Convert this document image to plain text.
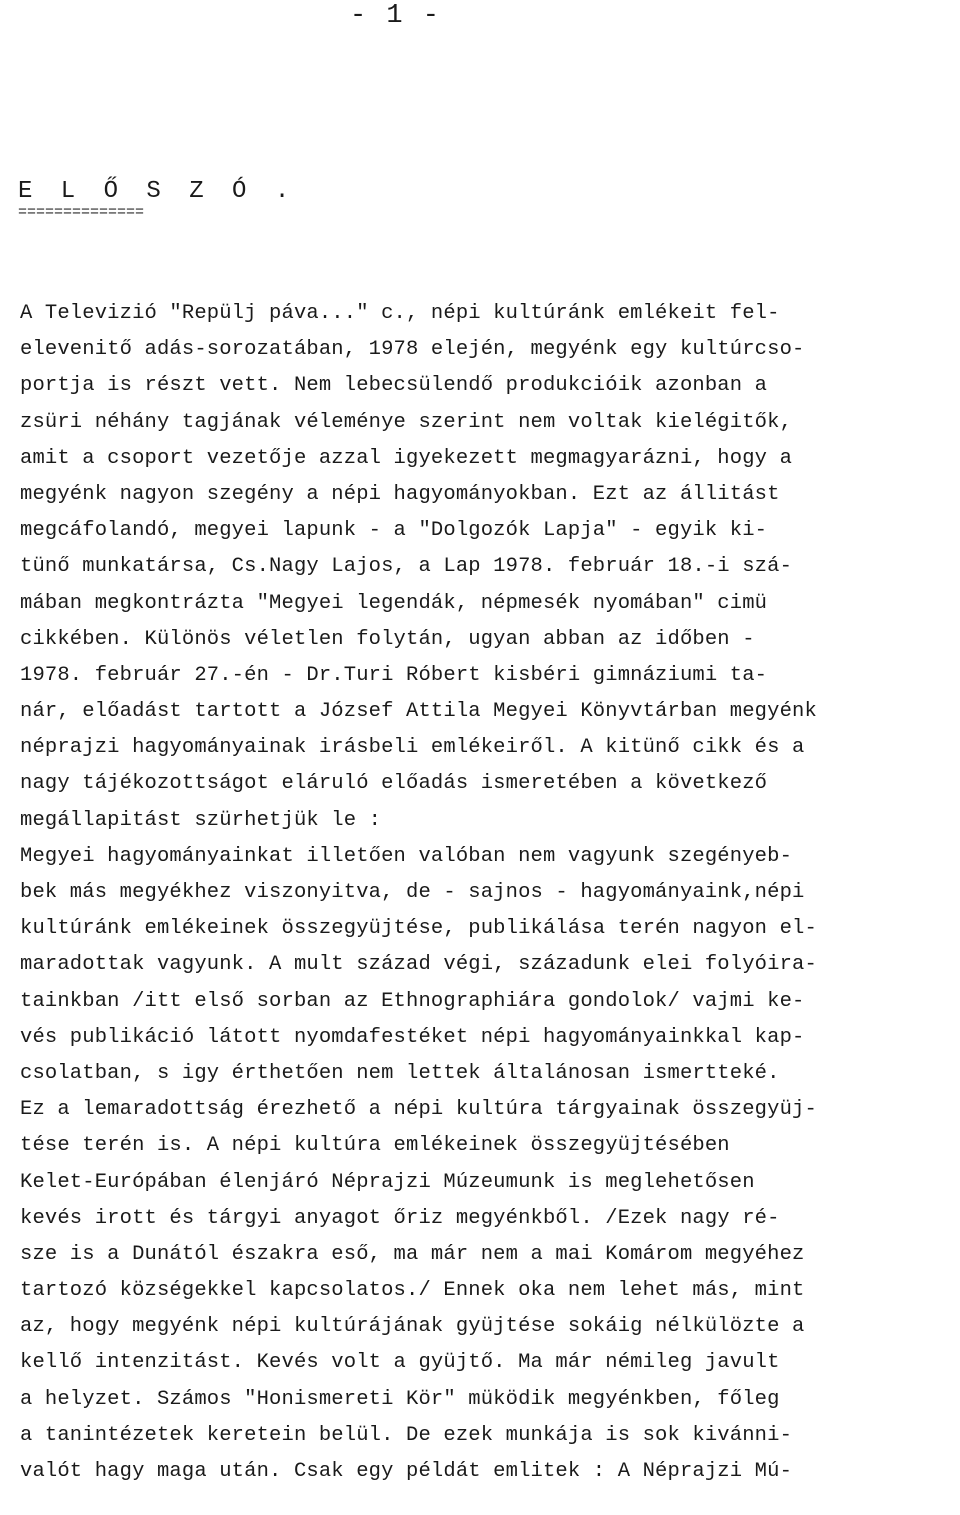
- 1 -
E L Ő S Z Ó .
==============
A Televizió "Repülj páva..." c., népi kultúránk emlékeit fel-
elevenitő adás-sorozatában, 1978 elején, megyénk egy kultúrcso-
portja is részt vett. Nem lebecsülendő produkcióik azonban a
zsüri néhány tagjának véleménye szerint nem voltak kielégitők,
amit a csoport vezetője azzal igyekezett megmagyarázni, hogy a
megyénk nagyon szegény a népi hagyományokban. Ezt az állitást
megcáfolandó, megyei lapunk - a "Dolgozók Lapja" - egyik ki-
tünő munkatársa, Cs.Nagy Lajos, a Lap 1978. február 18.-i szá-
mában megkontrázta "Megyei legendák, népmesék nyomában" cimü
cikkében. Különös véletlen folytán, ugyan abban az időben -
1978. február 27.-én - Dr.Turi Róbert kisbéri gimnáziumi ta-
nár, előadást tartott a József Attila Megyei Könyvtárban megyénk
néprajzi hagyományainak irásbeli emlékeiről. A kitünő cikk és a
nagy tájékozottságot eláruló előadás ismeretében a következő
megállapitást szürhetjük le :
Megyei hagyományainkat illetően valóban nem vagyunk szegényeb-
bek más megyékhez viszonyitva, de - sajnos - hagyományaink,népi
kultúránk emlékeinek összegyüjtése, publikálása terén nagyon el-
maradottak vagyunk. A mult század végi, századunk elei folyóira-
tainkban /itt első sorban az Ethnographiára gondolok/ vajmi ke-
vés publikáció látott nyomdafestéket népi hagyományainkkal kap-
csolatban, s igy érthetően nem lettek általánosan ismertteké.
Ez a lemaradottság érezhető a népi kultúra tárgyainak összegyüj-
tése terén is. A népi kultúra emlékeinek összegyüjtésében
Kelet-Európában élenjáró Néprajzi Múzeumunk is meglehetősen
kevés irott és tárgyi anyagot őriz megyénkből. /Ezek nagy ré-
sze is a Dunától északra eső, ma már nem a mai Komárom megyéhez
tartozó községekkel kapcsolatos./ Ennek oka nem lehet más, mint
az, hogy megyénk népi kultúrájának gyüjtése sokáig nélkülözte a
kellő intenzitást. Kevés volt a gyüjtő. Ma már némileg javult
a helyzet. Számos "Honismereti Kör" müködik megyénkben, főleg
a tanintézetek keretein belül. De ezek munkája is sok kivánni-
valót hagy maga után. Csak egy példát emlitek : A Néprajzi Mú-
